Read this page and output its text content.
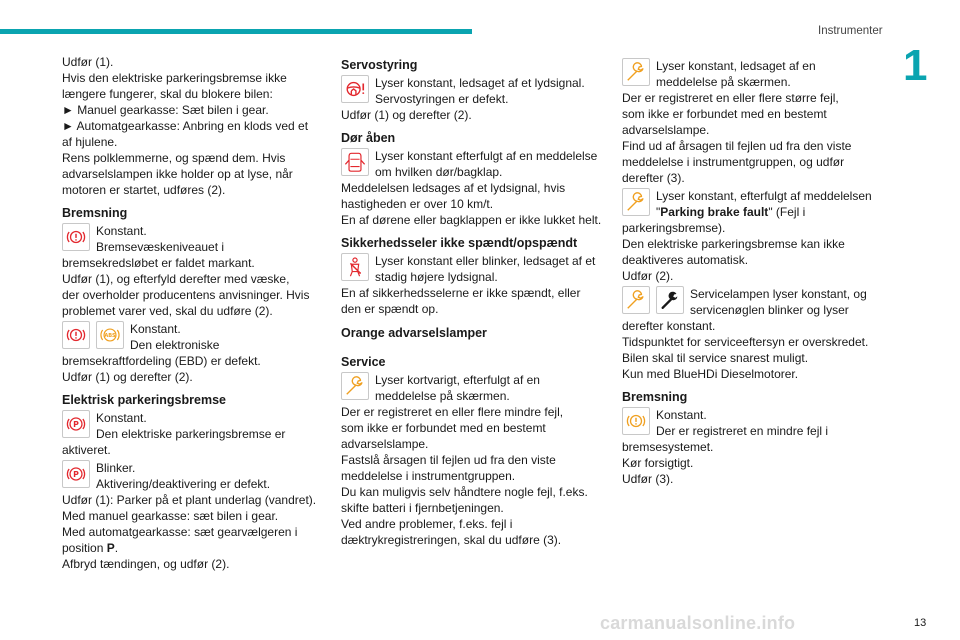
Instrumenter
1

Udfør (1).

Hvis den elektriske parkeringsbremse ikke

længere fungerer, skal du blokere bilen:

► Manuel gearkasse: Sæt bilen i gear.

► Automatgearkasse: Anbring en klods ved et

af hjulene.

Rens polklemmerne, og spænd dem. Hvis

advarselslampen ikke holder op at lyse, når

motoren er startet, udføres (2).

Bremsning

Konstant.

Bremsevæskeniveauet i

bremsekredsløbet er faldet markant.

Udfør (1), og efterfyld derefter med væske,

der overholder producentens anvisninger. Hvis

problemet varer ved, skal du udføre (2).

ABS

Konstant.

Den elektroniske

bremsekraftfordeling (EBD) er defekt.

Udfør (1) og derefter (2).

Elektrisk parkeringsbremse
P	Konstant.

Den elektriske parkeringsbremse er

aktiveret.

P	Blinker.

Aktivering/deaktivering er defekt.

Udfør (1): Parker på et plant underlag (vandret).

Med manuel gearkasse: sæt bilen i gear.

Med automatgearkasse: sæt gearvælgeren i

position P.

Afbryd tændingen, og udfør (2).

Servostyring

Lyser konstant, ledsaget af et lydsignal.

Servostyringen er defekt.

Udfør (1) og derefter (2).

Dør åben

Lyser konstant efterfulgt af en meddelelse

om hvilken dør/bagklap.

Meddelelsen ledsages af et lydsignal, hvis

hastigheden er over 10 km/t.

En af dørene eller bagklappen er ikke lukket helt.

Sikkerhedsseler ikke spændt/opspændt

Lyser konstant eller blinker, ledsaget af et

stadig højere lydsignal.

En af sikkerhedsselerne er ikke spændt, eller

den er spændt op.

Orange advarselslamper
Service

Lyser kortvarigt, efterfulgt af en

meddelelse på skærmen.

Der er registreret en eller flere mindre fejl,

som ikke er forbundet med en bestemt

advarselslampe.

Fastslå årsagen til fejlen ud fra den viste

meddelelse i instrumentgruppen.

Du kan muligvis selv håndtere nogle fejl, f.eks.

skifte batteri i fjernbetjeningen.

Ved andre problemer, f.eks. fejl i

dæktrykregistreringen, skal du udføre (3).

Lyser konstant, ledsaget af en

meddelelse på skærmen.

Der er registreret en eller flere større fejl,

som ikke er forbundet med en bestemt

advarselslampe.

Find ud af årsagen til fejlen ud fra den viste

meddelelse i instrumentgruppen, og udfør

derefter (3).

Lyser konstant, efterfulgt af meddelelsen

"Parking brake fault" (Fejl i

parkeringsbremse).

Den elektriske parkeringsbremse kan ikke

deaktiveres automatisk.

Udfør (2).

Servicelampen lyser konstant, og

servicenøglen blinker og lyser

derefter konstant.

Tidspunktet for serviceeftersyn er overskredet.

Bilen skal til service snarest muligt.

Kun med BlueHDi Dieselmotorer.

Bremsning

Konstant.

Der er registreret en mindre fejl i

bremsesystemet.

Kør forsigtigt.

Udfør (3).

carmanualsonline.info	13
